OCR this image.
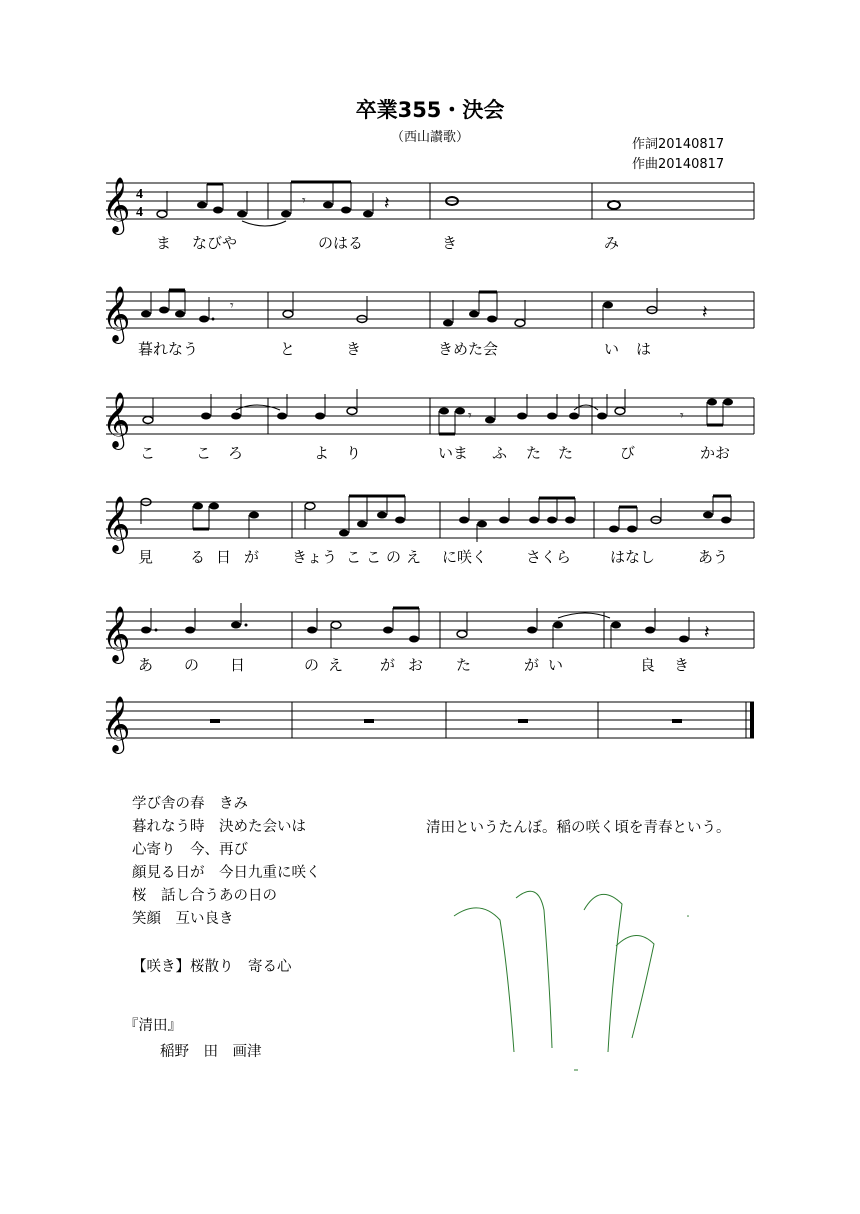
卒業355・決会
（西山讃歌）	作詞20140817
作曲20140817
𝄞 4
4
𝄾	𝄽
𝄞	𝄾	𝄽
𝄞	𝄾	𝄾
𝄞
𝄞	𝄽
𝄞
ま なびや	のはる	き	み
暮れなう	と	き	きめた会	い は
こ	こ ろ	よ り	いま ふ た た	び	かお
見 る 日 が きょう こ こ の え に咲く	さくら	はなし	あう
あ の 日	の え が お た	が い	良 き
学び舎の春　きみ
暮れなう時　決めた会いは
心寄り　今、再び
顔見る日が　今日九重に咲く
桜　話し合うあの日の
笑顔　互い良き
清田というたんぼ。稲の咲く頃を青春という。
【咲き】桜散り　寄る心
『清田』
稲野　田　画津
